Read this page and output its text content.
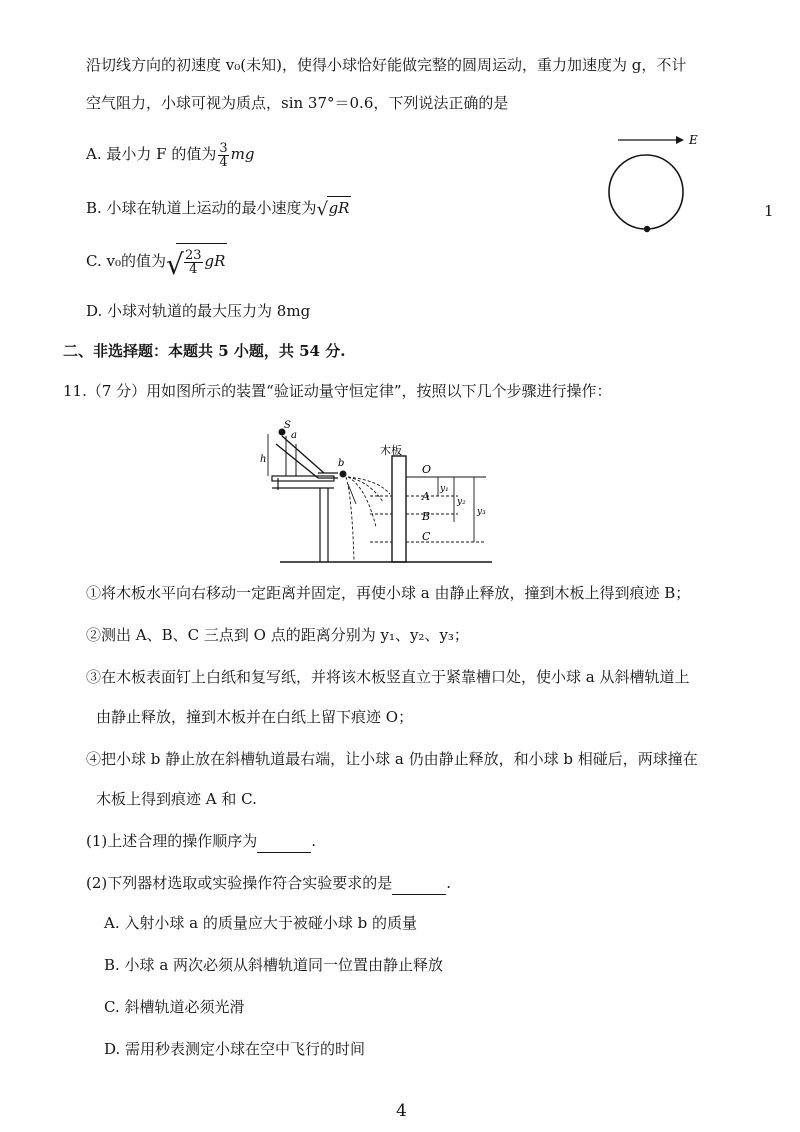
沿切线方向的初速度 v₀(未知)，使得小球恰好能做完整的圆周运动，重力加速度为 g，不计
空气阻力，小球可视为质点，sin 37°＝0.6，下列说法正确的是
A. 最小力 F 的值为 $\frac{3}{4}$ mg
B. 小球在轨道上运动的最小速度为 √ gR
C. v₀的值为 √ $\frac{23}{4}$ gR
D. 小球对轨道的最大压力为 8mg
E
1
二、非选择题：本题共 5 小题，共 54 分.
11.（7 分）用如图所示的装置“验证动量守恒定律”，按照以下几个步骤进行操作：
S
a
h	b
木板
O
A
B
C
y₁
y₂
y₃
①将木板水平向右移动一定距离并固定，再使小球 a 由静止释放，撞到木板上得到痕迹 B；
②测出 A、B、C 三点到 O 点的距离分别为 y₁、y₂、y₃；
③在木板表面钉上白纸和复写纸，并将该木板竖直立于紧靠槽口处，使小球 a 从斜槽轨道上
由静止释放，撞到木板并在白纸上留下痕迹 O；
④把小球 b 静止放在斜槽轨道最右端，让小球 a 仍由静止释放，和小球 b 相碰后，两球撞在
木板上得到痕迹 A 和 C.
(1)上述合理的操作顺序为	.
(2)下列器材选取或实验操作符合实验要求的是	.
A. 入射小球 a 的质量应大于被碰小球 b 的质量
B. 小球 a 两次必须从斜槽轨道同一位置由静止释放
C. 斜槽轨道必须光滑
D. 需用秒表测定小球在空中飞行的时间
4
